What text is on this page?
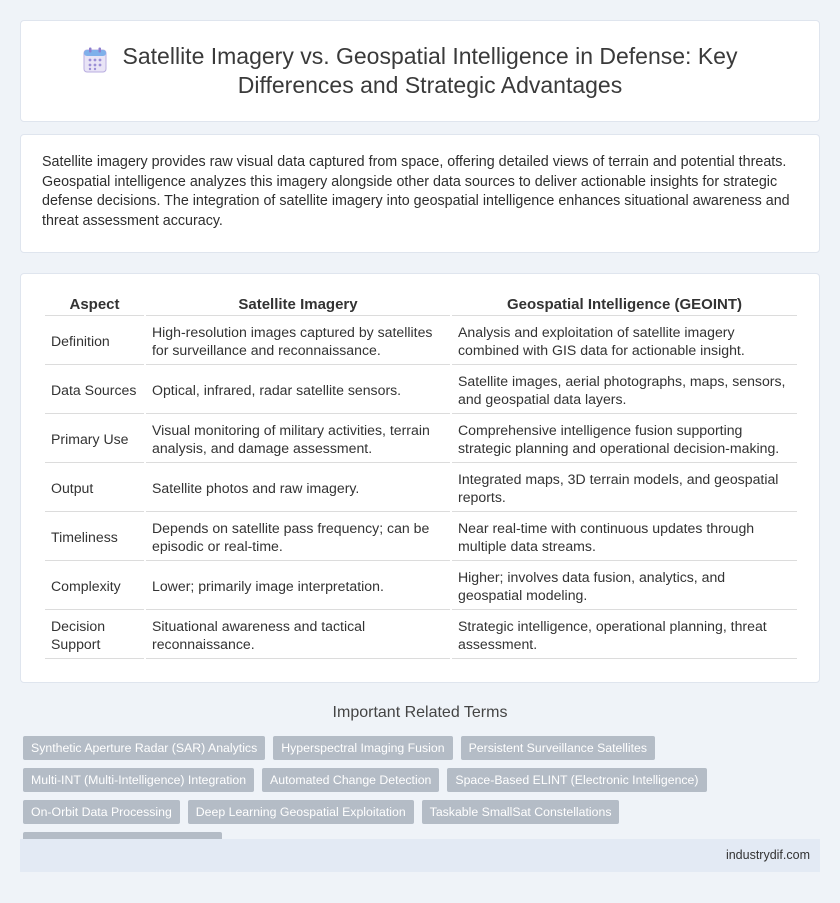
Satellite Imagery vs. Geospatial Intelligence in Defense: Key Differences and Strategic Advantages

Satellite imagery provides raw visual data captured from space, offering detailed views of terrain and potential threats. Geospatial intelligence analyzes this imagery alongside other data sources to deliver actionable insights for strategic defense decisions. The integration of satellite imagery into geospatial intelligence enhances situational awareness and threat assessment accuracy.

Aspect	Satellite Imagery	Geospatial Intelligence (GEOINT)
Definition	High-resolution images captured by satellites for surveillance and reconnaissance.	Analysis and exploitation of satellite imagery combined with GIS data for actionable insight.
Data Sources	Optical, infrared, radar satellite sensors.	Satellite images, aerial photographs, maps, sensors, and geospatial data layers.
Primary Use	Visual monitoring of military activities, terrain analysis, and damage assessment.	Comprehensive intelligence fusion supporting strategic planning and operational decision-making.
Output	Satellite photos and raw imagery.	Integrated maps, 3D terrain models, and geospatial reports.
Timeliness	Depends on satellite pass frequency; can be episodic or real-time.	Near real-time with continuous updates through multiple data streams.
Complexity	Lower; primarily image interpretation.	Higher; involves data fusion, analytics, and geospatial modeling.
Decision Support	Situational awareness and tactical reconnaissance.	Strategic intelligence, operational planning, threat assessment.
Important Related Terms
Synthetic Aperture Radar (SAR) Analytics	Hyperspectral Imaging Fusion	Persistent Surveillance Satellites
Multi-INT (Multi-Intelligence) Integration	Automated Change Detection	Space-Based ELINT (Electronic Intelligence)
On-Orbit Data Processing	Deep Learning Geospatial Exploitation	Taskable SmallSat Constellations
industrydif.com
